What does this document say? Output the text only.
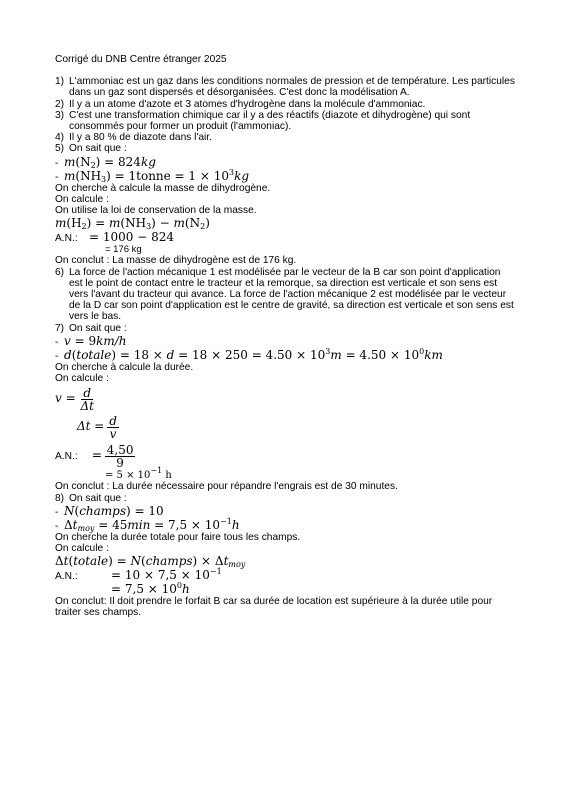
Corrigé du DNB Centre étranger 2025
1) L'ammoniac est un gaz dans les conditions normales de pression et de température. Les particules dans un gaz sont dispersés et désorganisées. C'est donc la modélisation A.
2) Il y a un atome d'azote et 3 atomes d'hydrogène dans la molécule d'ammoniac.
3) C'est une transformation chimique car il y a des réactifs (diazote et dihydrogène) qui sont consommés pour former un produit (l'ammoniac).
4) Il y a 80 % de diazote dans l'air.
5) On sait que :
- $m(N_2) = 824kg$
- $m(NH_3)$ = 1tonne = $1 \times 10^3kg$
On cherche à calcule la masse de dihydrogène.
On calcule :
On utilise la loi de conservation de la masse.
$m(H_2) = m(NH_3) - m(N_2)$
A.N.: = 1000 − 824
= 176 kg
On conclut : La masse de dihydrogène est de 176 kg.
6) La force de l'action mécanique 1 est modélisée par le vecteur de la B car son point d'application est le point de contact entre le tracteur et la remorque, sa direction est verticale et son sens est vers l'avant du tracteur qui avance. La force de l'action mécanique 2 est modélisée par le vecteur de la D car son point d'application est le centre de gravité, sa direction est verticale et son sens est vers le bas.
7) On sait que :
- v = 9km/h
- d(totale) = $18 \times d = 18 \times 250 = 4.50 \times 10^3m = 4.50 \times 10^0km$
On cherche à calcule la durée.
On calcule :
$v = \frac{d}{\Delta t}$
$\Delta t = \frac{d}{v}$
A.N.: = $\frac{4,50}{9}$
= $5 \times 10^{-1}$ h
On conclut : La durée nécessaire pour répandre l'engrais est de 30 minutes.
8) On sait que :
- N(champs) = 10
- $\Delta t_{moy} = 45\min = 7,5 \times 10^{-1}h$
On cherche la durée totale pour faire tous les champs.
On calcule :
Δt(totale) = N(champs) × $\Delta t_{moy}$
A.N.:	= $10 \times 7,5 \times 10^{-1}$
= $7,5 \times 10^0h$
On conclut: Il doit prendre le forfait B car sa durée de location est supérieure à la durée utile pour traiter ses champs.
